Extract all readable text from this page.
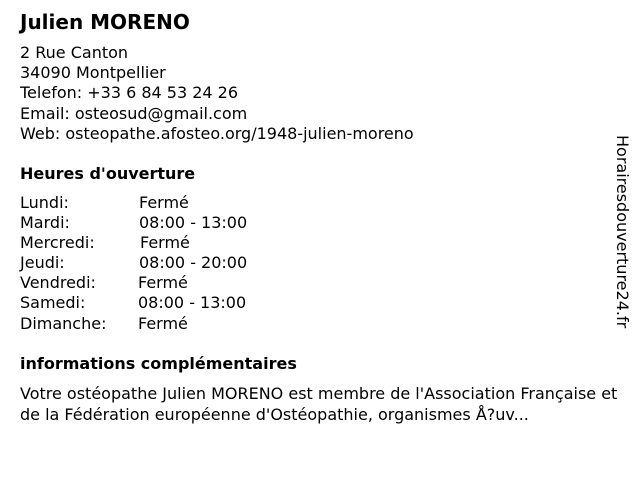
Julien MORENO
2 Rue Canton
34090 Montpellier
Telefon: +33 6 84 53 24 26
Email: osteosud@gmail.com
Web: osteopathe.afosteo.org/1948-julien-moreno
Heures d'ouverture
Lundi:	Fermé
Mardi:	08:00 - 13:00
Mercredi:	Fermé
Jeudi:	08:00 - 20:00
Vendredi:	Fermé
Samedi:	08:00 - 13:00
Dimanche: Fermé
informations complémentaires
Votre ostéopathe Julien MORENO est membre de l'Association Française et de la Fédération européenne d'Ostéopathie, organismes Å?uv...
Horairesdouverture24.fr
